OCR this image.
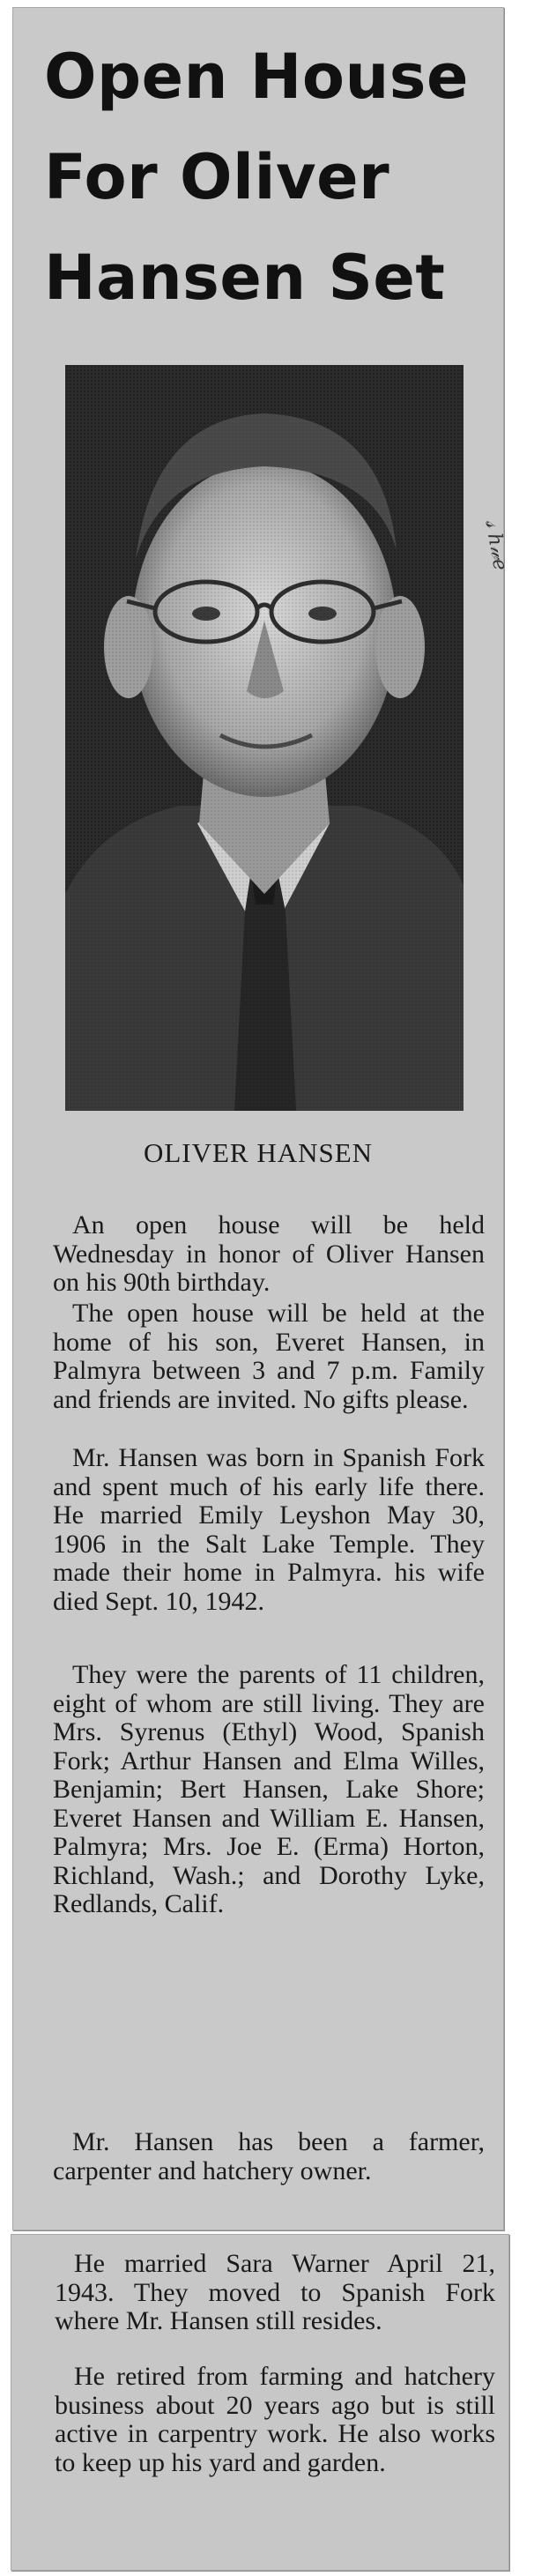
Open House
For Oliver
Hansen Set
OLIVER HANSEN

An open house will be held Wednesday in honor of Oliver Hansen on his 90th birthday.

The open house will be held at the home of his son, Everet Hansen, in Palmyra between 3 and 7 p.m. Family and friends are invited. No gifts please.

Mr. Hansen was born in Spanish Fork and spent much of his early life there. He married Emily Leyshon May 30, 1906 in the Salt Lake Temple. They made their home in Palmyra. his wife died Sept. 10, 1942.

They were the parents of 11 children, eight of whom are still living. They are Mrs. Syrenus (Ethyl) Wood, Spanish Fork; Arthur Hansen and Elma Willes, Benjamin; Bert Hansen, Lake Shore; Everet Hansen and William E. Hansen, Palmyra; Mrs. Joe E. (Erma) Horton, Richland, Wash.; and Dorothy Lyke, Redlands, Calif.

Mr. Hansen has been a farmer, carpenter and hatchery owner.

He married Sara Warner April 21, 1943. They moved to Spanish Fork where Mr. Hansen still resides.

He retired from farming and hatchery business about 20 years ago but is still active in carpentry work. He also works to keep up his yard and garden.

𝓈 ℎ𝓌𝑒
